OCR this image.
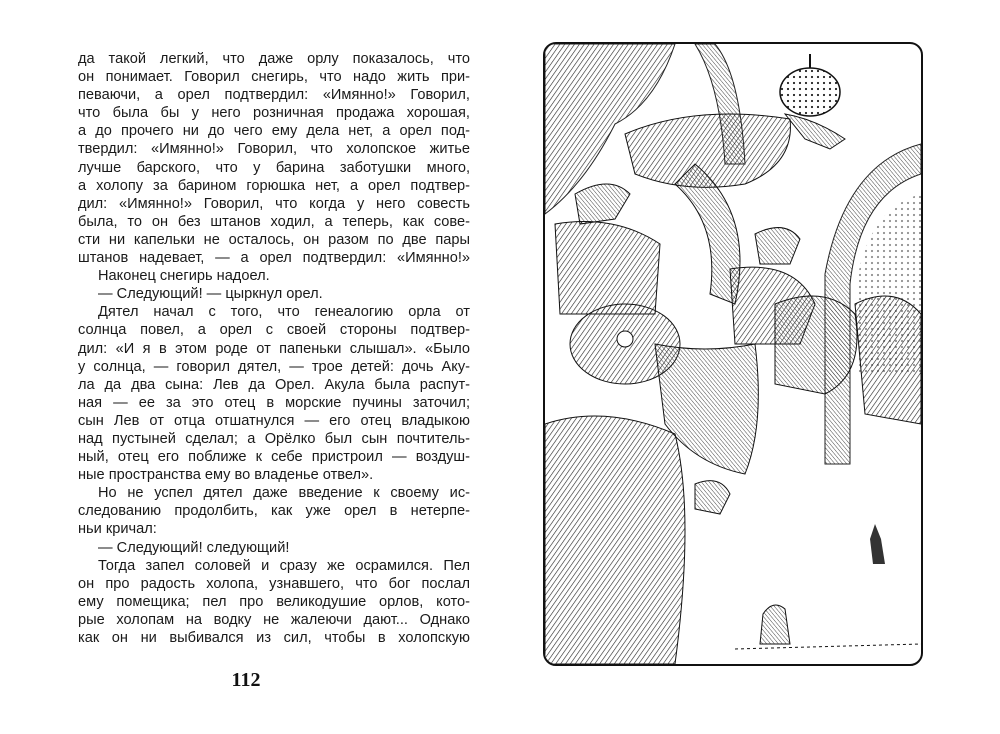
да такой легкий, что даже орлу показалось, что
он понимает. Говорил снегирь, что надо жить при-
певаючи, а орел подтвердил: «Имянно!» Говорил,
что была бы у него розничная продажа хорошая,
а до прочего ни до чего ему дела нет, а орел под-
твердил: «Имянно!» Говорил, что холопское житье
лучше барского, что у барина заботушки много,
а холопу за барином горюшка нет, а орел подтвер-
дил: «Имянно!» Говорил, что когда у него совесть
была, то он без штанов ходил, а теперь, как сове-
сти ни капельки не осталось, он разом по две пары
штанов надевает, — а орел подтвердил: «Имянно!»
Наконец снегирь надоел.
— Следующий! — цыркнул орел.
Дятел начал с того, что генеалогию орла от
солнца повел, а орел с своей стороны подтвер-
дил: «И я в этом роде от папеньки слышал». «Было
у солнца, — говорил дятел, — трое детей: дочь Аку-
ла да два сына: Лев да Орел. Акула была распут-
ная — ее за это отец в морские пучины заточил;
сын Лев от отца отшатнулся — его отец владыкою
над пустыней сделал; а Орёлко был сын почтитель-
ный, отец его поближе к себе пристроил — воздуш-
ные пространства ему во владенье отвел».
Но не успел дятел даже введение к своему ис-
следованию продолбить, как уже орел в нетерпе-
ньи кричал:
— Следующий! следующий!
Тогда запел соловей и сразу же осрамился. Пел
он про радость холопа, узнавшего, что бог послал
ему помещика; пел про великодушие орлов, кото-
рые холопам на водку не жалеючи дают... Однако
как он ни выбивался из сил, чтобы в холопскую
112
